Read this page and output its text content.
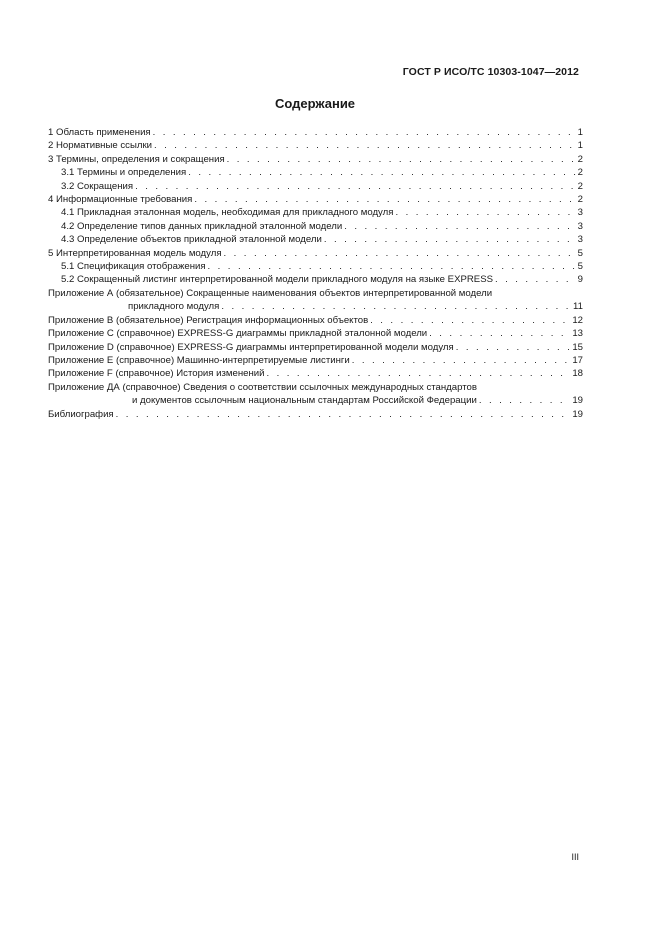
ГОСТ Р ИСО/ТС 10303-1047—2012
Содержание
1 Область применения . . .	1
2 Нормативные ссылки . . .	1
3 Термины, определения и сокращения . . .	2
3.1 Термины и определения . . .	2
3.2 Сокращения . . .	2
4 Информационные требования . . .	2
4.1 Прикладная эталонная модель, необходимая для прикладного модуля . . .	3
4.2 Определение типов данных прикладной эталонной модели . . .	3
4.3 Определение объектов прикладной эталонной модели . . .	3
5 Интерпретированная модель модуля . . .	5
5.1 Спецификация отображения . . .	5
5.2 Сокращенный листинг интерпретированной модели прикладного модуля на языке EXPRESS . . .	9
Приложение А (обязательное) Сокращенные наименования объектов интерпретированной модели
прикладного модуля . . .	11
Приложение В (обязательное) Регистрация информационных объектов . . .	12
Приложение С (справочное) EXPRESS-G диаграммы прикладной эталонной модели . . .	13
Приложение D (справочное) EXPRESS-G диаграммы интерпретированной модели модуля . . .	15
Приложение E (справочное) Машинно-интерпретируемые листинги . . .	17
Приложение F (справочное) История изменений . . .	18
Приложение ДА (справочное) Сведения о соответствии ссылочных международных стандартов
и документов ссылочным национальным стандартам Российской Федерации . . .	19
Библиография . . .	19
III
